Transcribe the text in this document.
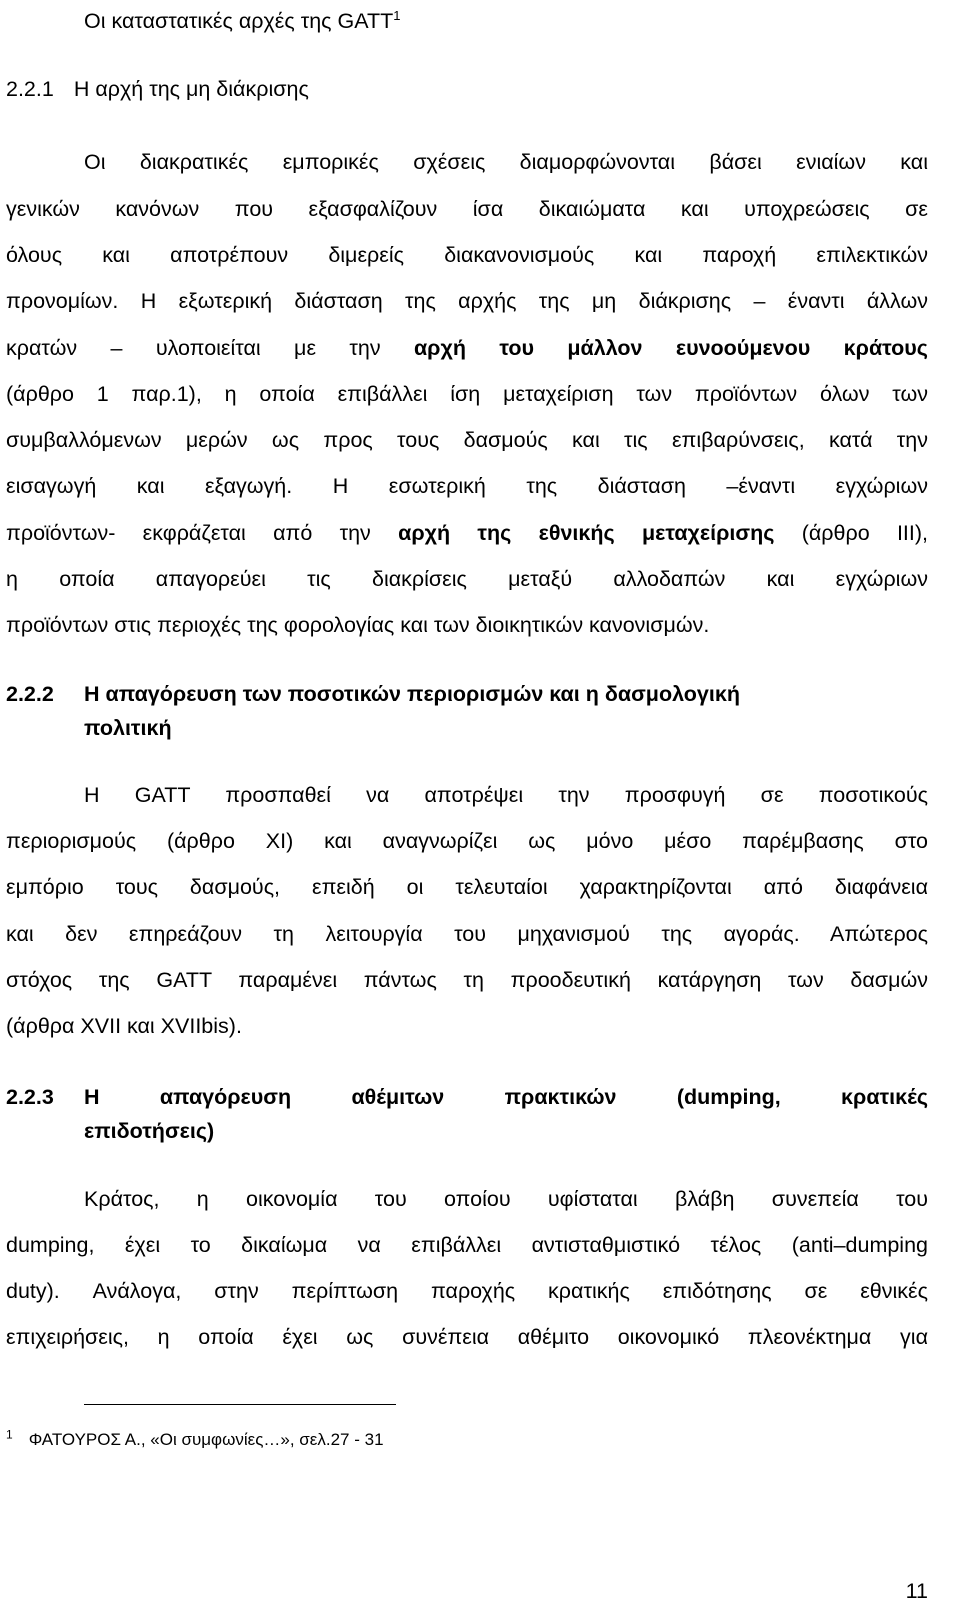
Οι καταστατικές αρχές της GATT$^1$
2.2.1 Η αρχή της μη διάκρισης
Οι διακρατικές εμπορικές σχέσεις διαμορφώνονται βάσει ενιαίων και
γενικών κανόνων που εξασφαλίζουν ίσα δικαιώματα και υποχρεώσεις σε
όλους και αποτρέπουν διμερείς διακανονισμούς και παροχή επιλεκτικών
προνομίων. Η εξωτερική διάσταση της αρχής της μη διάκρισης – έναντι άλλων
κρατών – υλοποιείται με την αρχή του μάλλον ευνοούμενου κράτους
(άρθρο 1 παρ.1), η οποία επιβάλλει ίση μεταχείριση των προϊόντων όλων των
συμβαλλόμενων μερών ως προς τους δασμούς και τις επιβαρύνσεις, κατά την
εισαγωγή και εξαγωγή. Η εσωτερική της διάσταση –έναντι εγχώριων
προϊόντων- εκφράζεται από την αρχή της εθνικής μεταχείρισης (άρθρο ΙΙΙ),
η οποία απαγορεύει τις διακρίσεις μεταξύ αλλοδαπών και εγχώριων
προϊόντων στις περιοχές της φορολογίας και των διοικητικών κανονισμών.
2.2.2 Η απαγόρευση των ποσοτικών περιορισμών και η δασμολογική
πολιτική
Η GATT προσπαθεί να αποτρέψει την προσφυγή σε ποσοτικούς
περιορισμούς (άρθρο ΧΙ) και αναγνωρίζει ως μόνο μέσο παρέμβασης στο
εμπόριο τους δασμούς, επειδή οι τελευταίοι χαρακτηρίζονται από διαφάνεια
και δεν επηρεάζουν τη λειτουργία του μηχανισμού της αγοράς. Απώτερος
στόχος της GATT παραμένει πάντως τη προοδευτική κατάργηση των δασμών
(άρθρα XVII και XVIIbis).
2.2.3	Η απαγόρευση αθέμιτων πρακτικών (dumping, κρατικές
επιδοτήσεις)
Κράτος, η οικονομία του οποίου υφίσταται βλάβη συνεπεία του
dumping, έχει το δικαίωμα να επιβάλλει αντισταθμιστικό τέλος (anti–dumping
duty). Ανάλογα, στην περίπτωση παροχής κρατικής επιδότησης σε εθνικές
επιχειρήσεις, η οποία έχει ως συνέπεια αθέμιτο οικονομικό πλεονέκτημα για
$^1$ ΦΑΤΟΥΡΟΣ Α., «Οι συμφωνίες…», σελ.27 - 31
11
